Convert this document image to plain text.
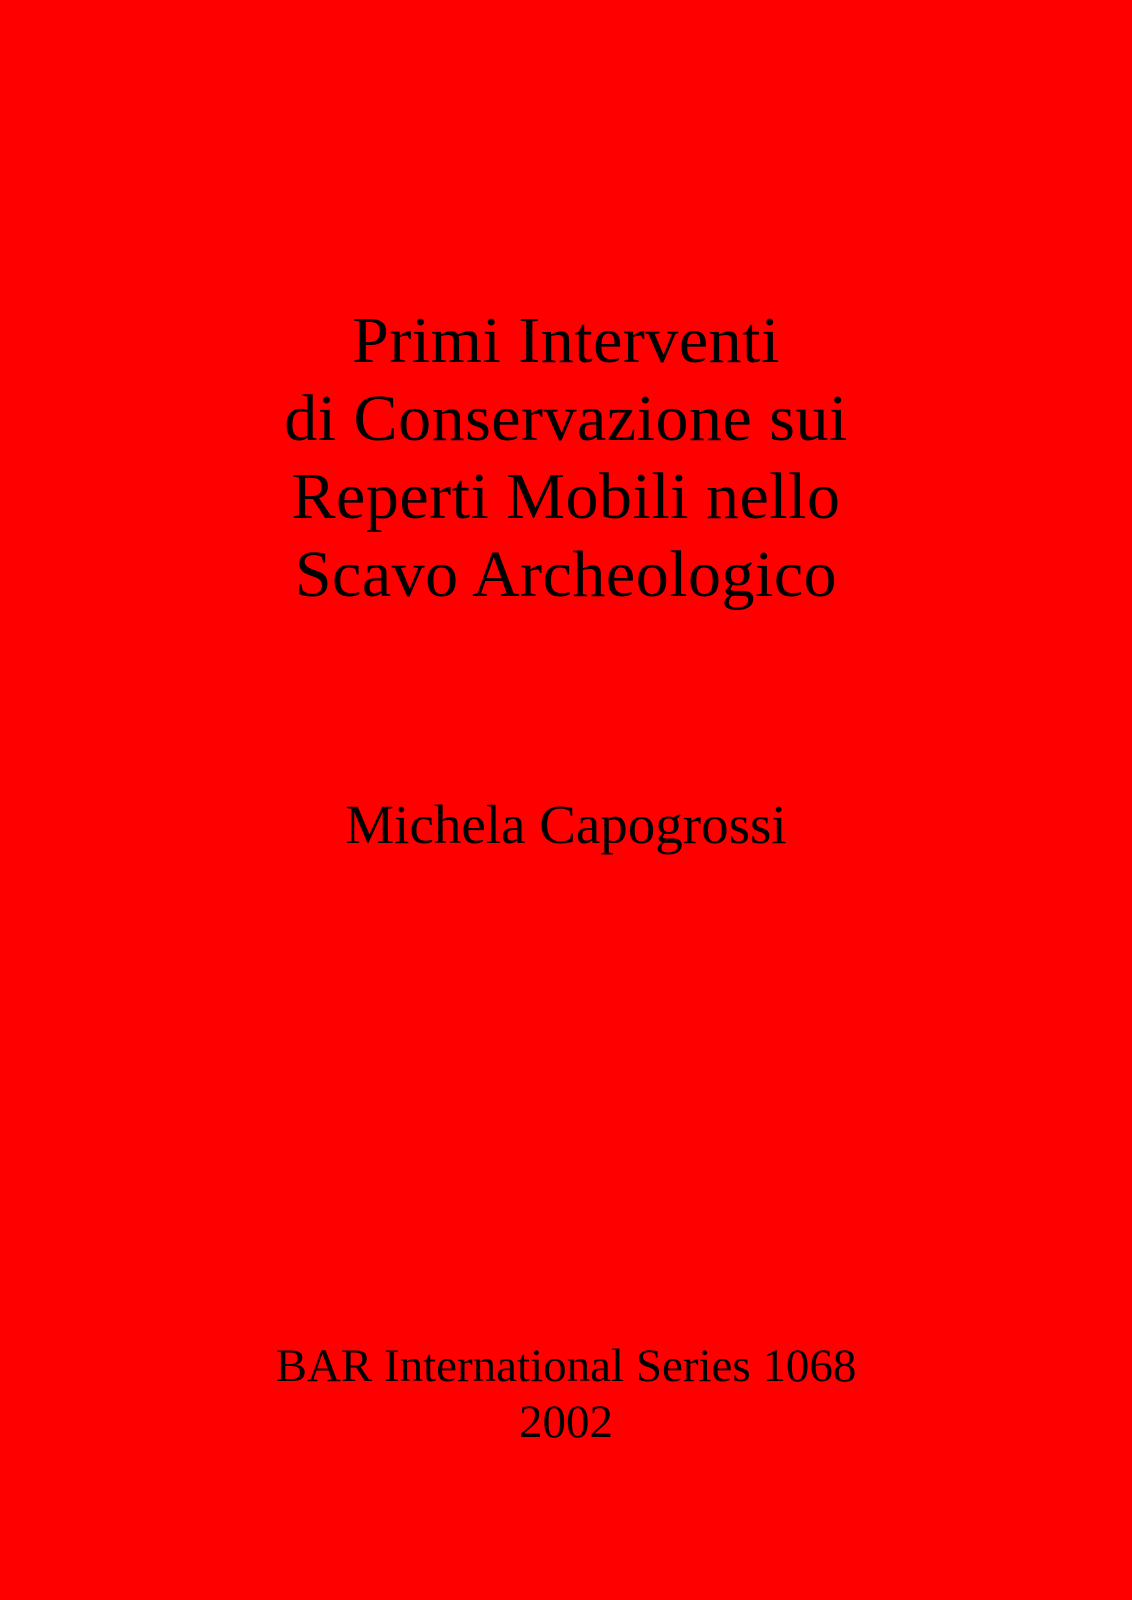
Primi Interventi
di Conservazione sui
Reperti Mobili nello
Scavo Archeologico
Michela Capogrossi
BAR International Series 1068
2002
